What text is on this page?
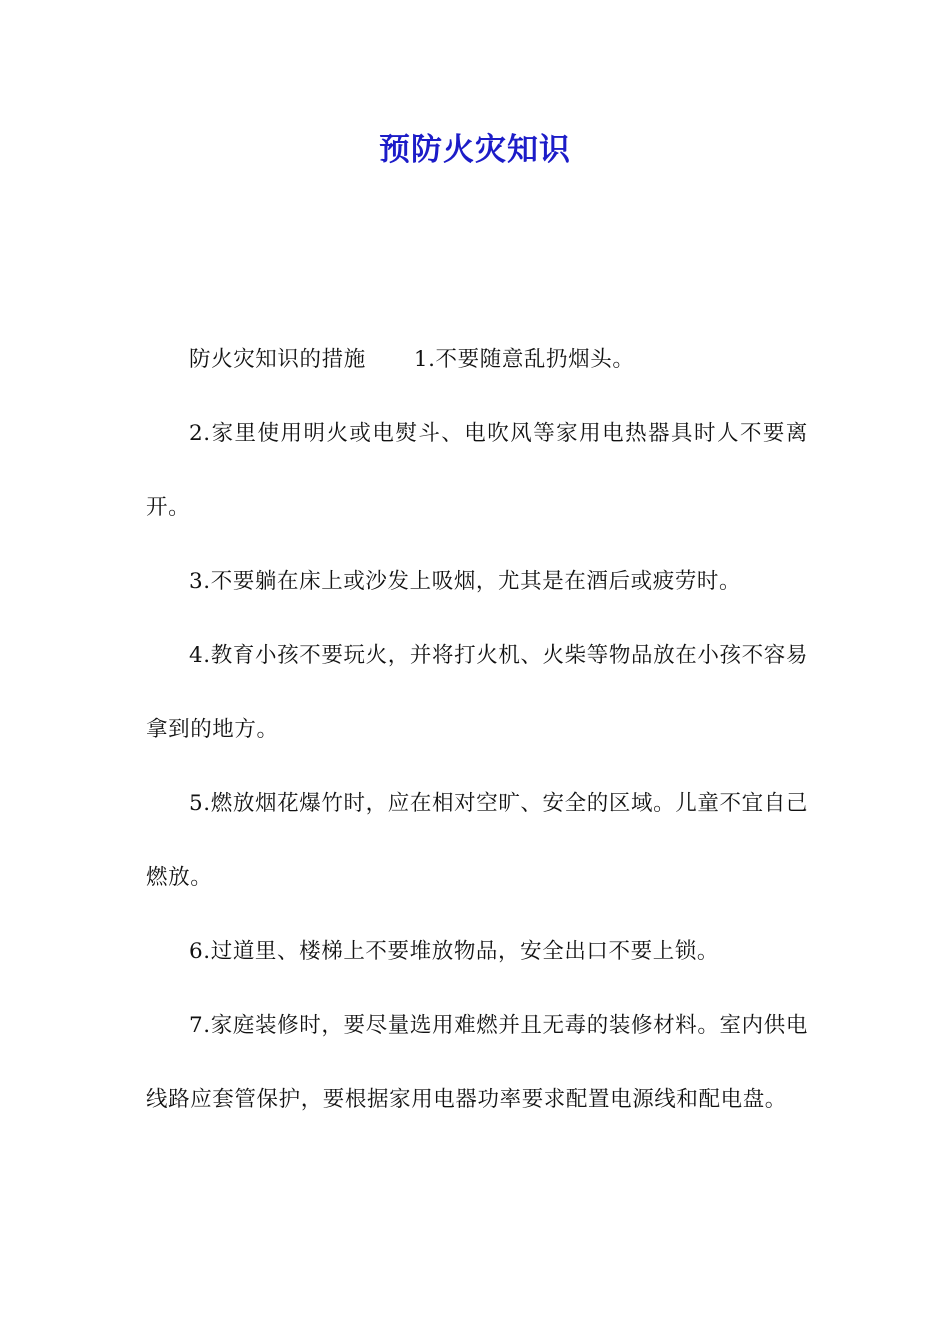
预防火灾知识

防火灾知识的措施 1.不要随意乱扔烟头。

2.家里使用明火或电熨斗、电吹风等家用电热器具时人不要离开。

3.不要躺在床上或沙发上吸烟，尤其是在酒后或疲劳时。

4.教育小孩不要玩火，并将打火机、火柴等物品放在小孩不容易拿到的地方。

5.燃放烟花爆竹时，应在相对空旷、安全的区域。儿童不宜自己燃放。

6.过道里、楼梯上不要堆放物品，安全出口不要上锁。

7.家庭装修时，要尽量选用难燃并且无毒的装修材料。室内供电线路应套管保护，要根据家用电器功率要求配置电源线和配电盘。
